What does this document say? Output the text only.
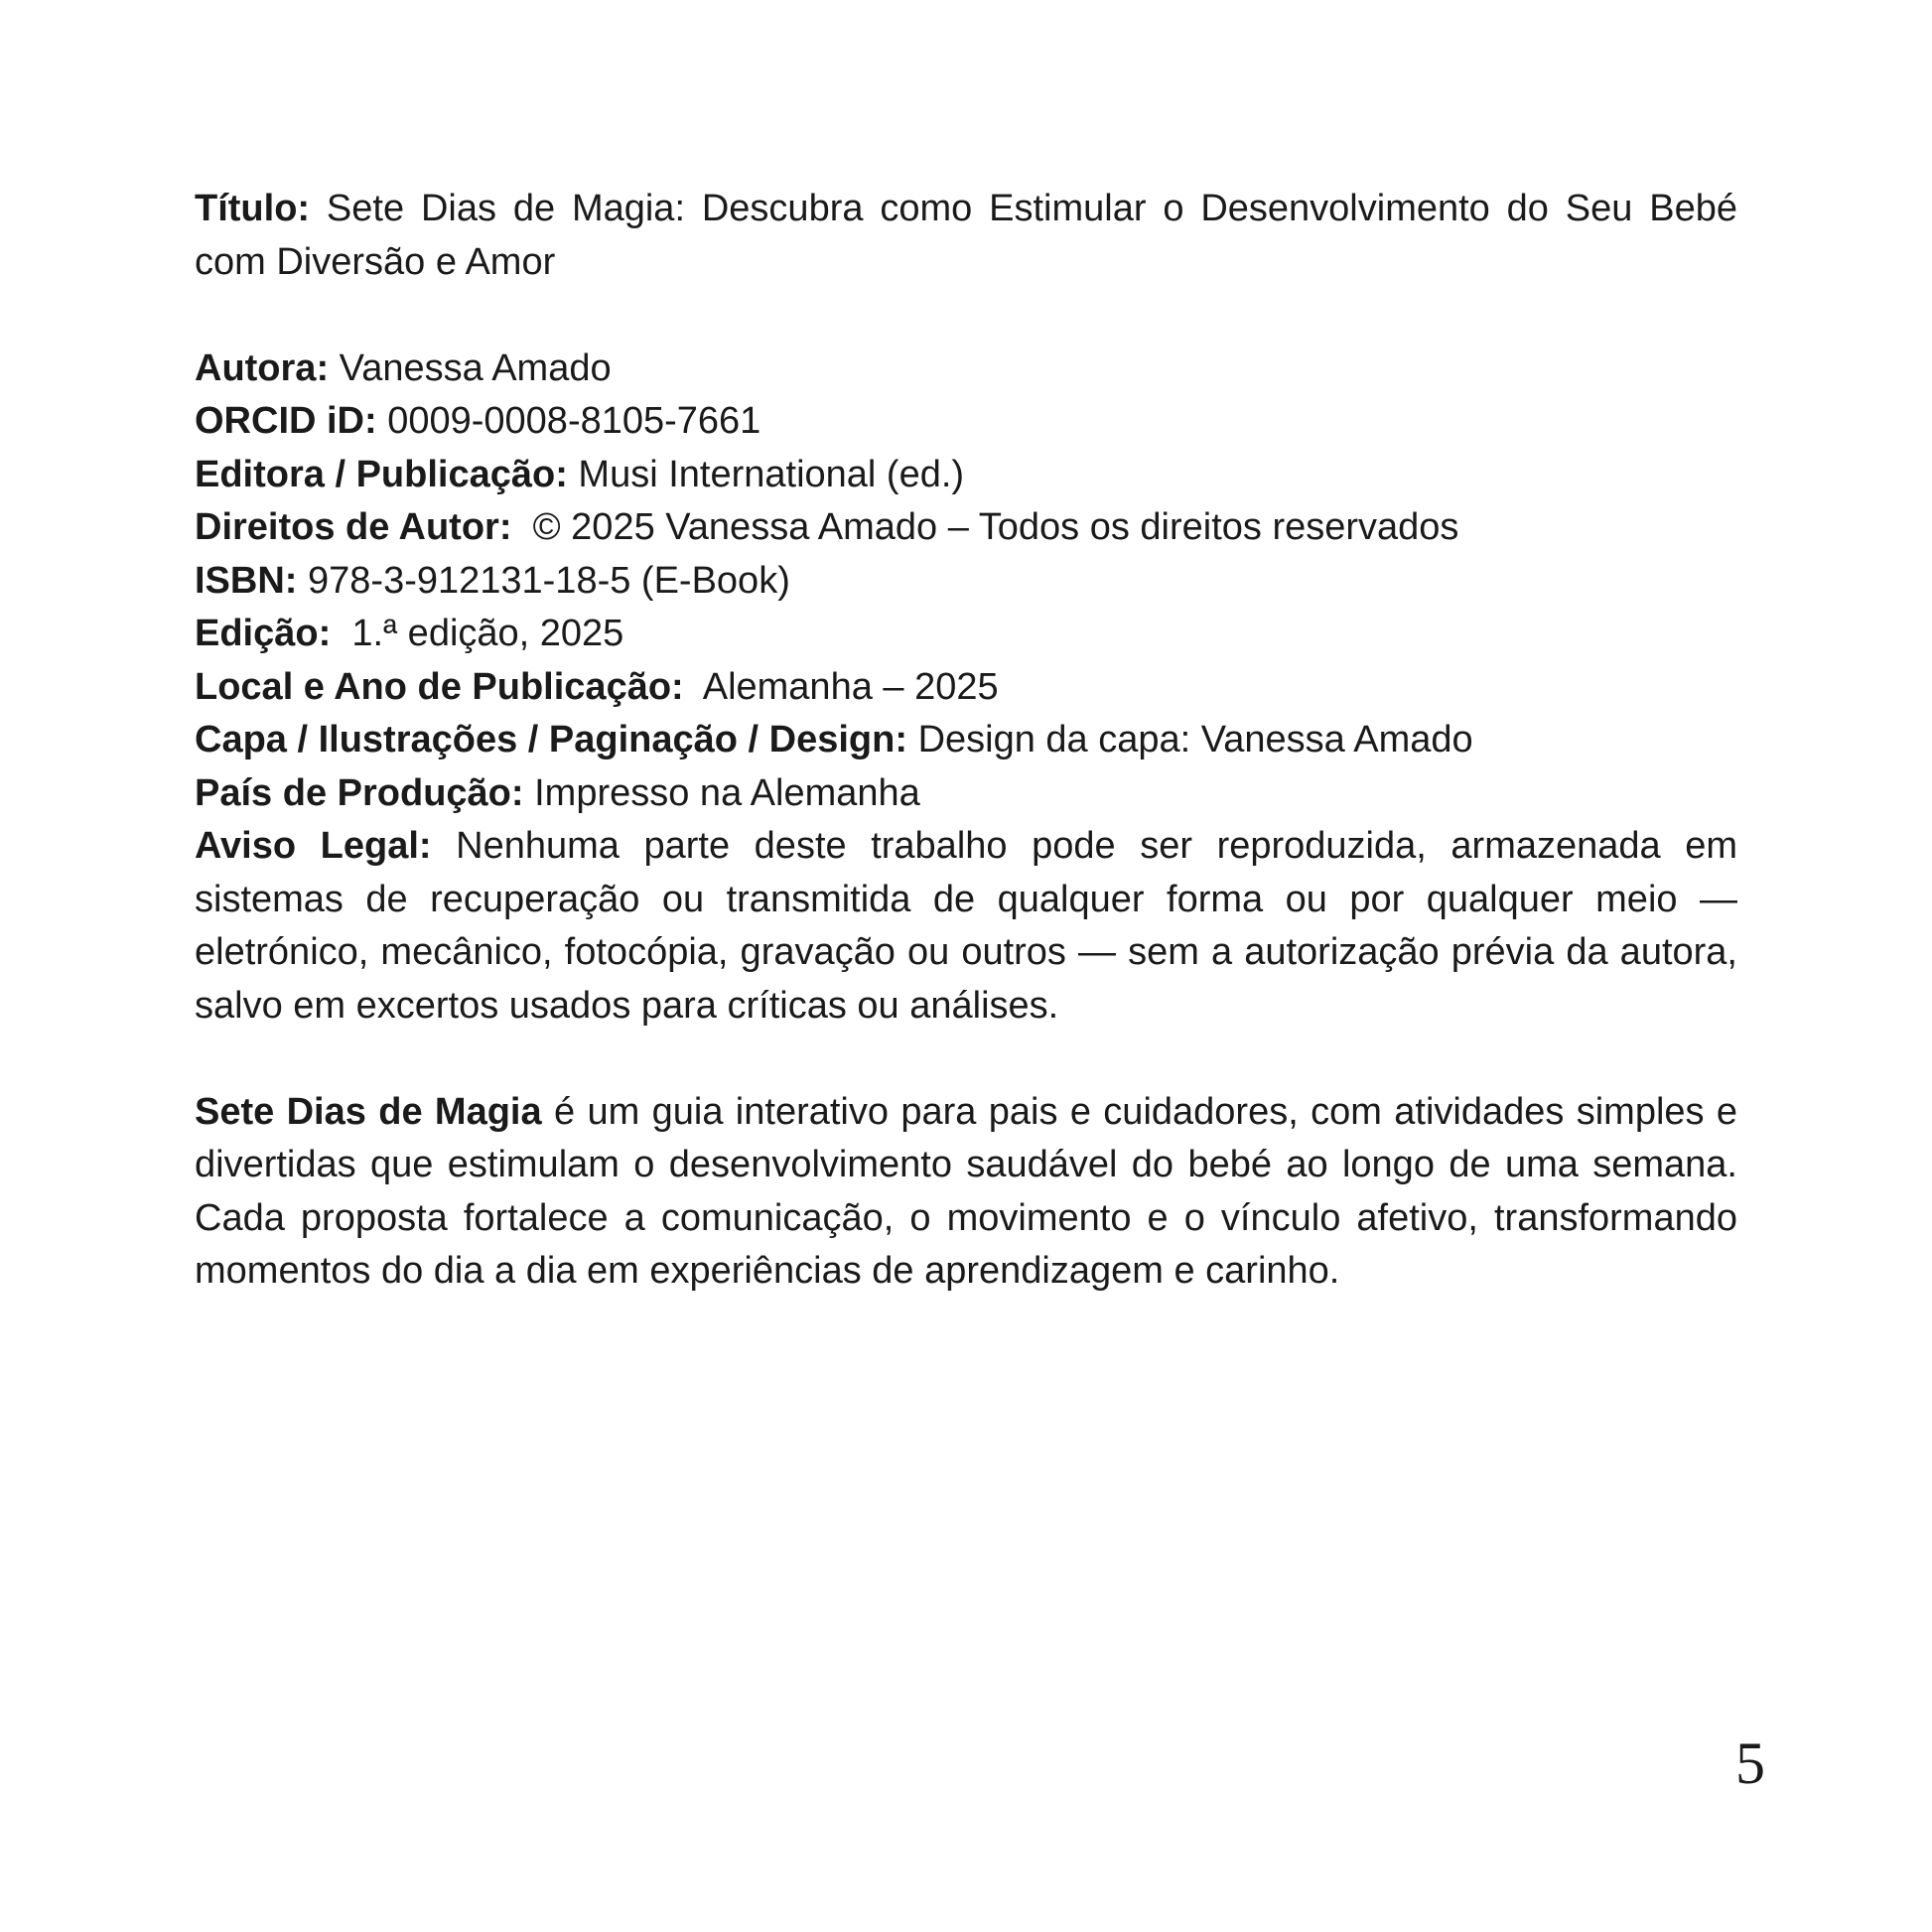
Título: Sete Dias de Magia: Descubra como Estimular o Desenvolvimento do Seu Bebé com Diversão e Amor

Autora: Vanessa Amado
ORCID iD: 0009-0008-8105-7661
Editora / Publicação: Musi International (ed.)
Direitos de Autor:  © 2025 Vanessa Amado – Todos os direitos reservados
ISBN: 978-3-912131-18-5 (E-Book)
Edição:  1.ª edição, 2025
Local e Ano de Publicação:  Alemanha – 2025
Capa / Ilustrações / Paginação / Design: Design da capa: Vanessa Amado
País de Produção: Impresso na Alemanha

Aviso Legal: Nenhuma parte deste trabalho pode ser reproduzida, armazenada em sistemas de recuperação ou transmitida de qualquer forma ou por qualquer meio — eletrónico, mecânico, fotocópia, gravação ou outros — sem a autorização prévia da autora, salvo em excertos usados para críticas ou análises.

Sete Dias de Magia é um guia interativo para pais e cuidadores, com atividades simples e divertidas que estimulam o desenvolvimento saudável do bebé ao longo de uma semana. Cada proposta fortalece a comunicação, o movimento e o vínculo afetivo, transformando momentos do dia a dia em experiências de aprendizagem e carinho.

5
